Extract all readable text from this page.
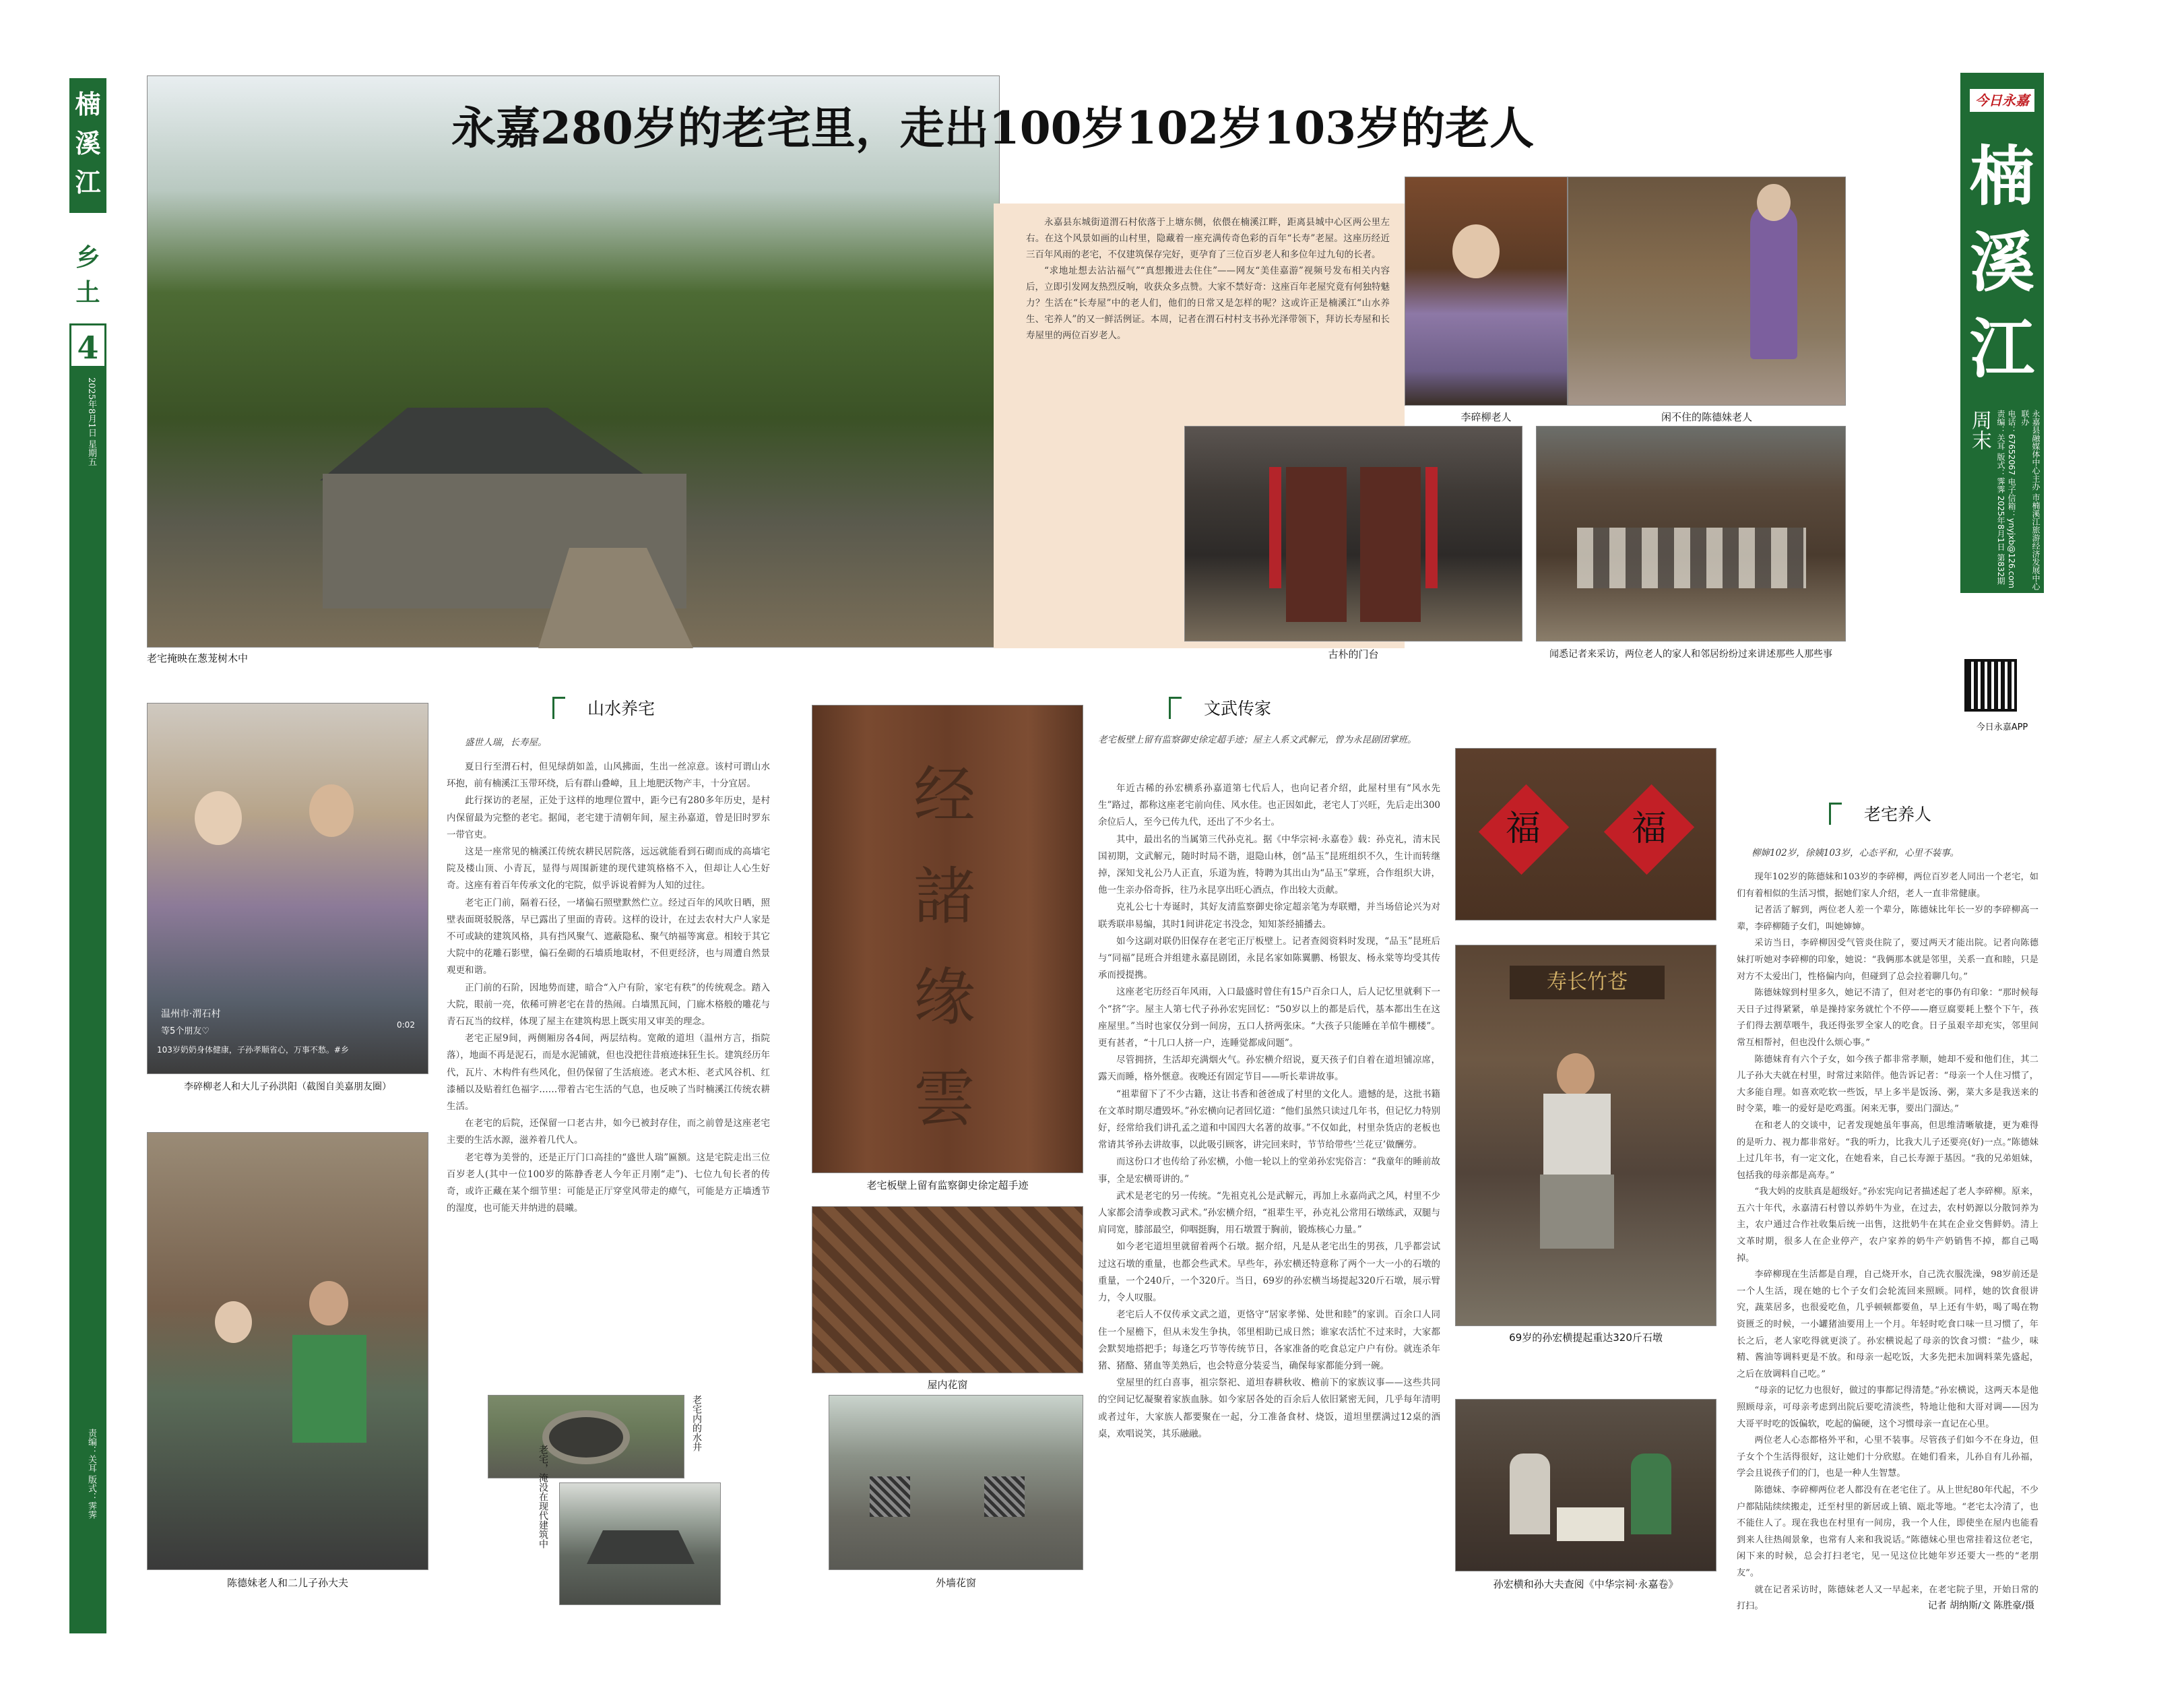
楠溪江
乡土
4
2025年8月1日 星期五
责编：关耳 版式：霁霁
今日永嘉
楠溪江
周末	电话：67652067 电子信箱：ynyjxb@126.com 责编：关耳 版式：霁霁 2025年8月1日 第832期	永嘉县融媒体中心主办 市楠溪江旅游经济发展中心 联办
今日永嘉APP
老宅掩映在葱茏树木中
永嘉280岁的老宅里，走出100岁102岁103岁的老人

永嘉县东城街道渭石村依落于上塘东侧，依偎在楠溪江畔，距离县城中心区两公里左右。在这个风景如画的山村里，隐藏着一座充满传奇色彩的百年“长寿”老屋。这座历经近三百年风雨的老宅，不仅建筑保存完好，更孕育了三位百岁老人和多位年过九旬的长者。

“求地址想去沾沾福气”“真想搬进去住住”——网友“美佳嘉游”视频号发布相关内容后，立即引发网友热烈反响，收获众多点赞。大家不禁好奇：这座百年老屋究竟有何独特魅力？生活在“长寿屋”中的老人们，他们的日常又是怎样的呢？这或许正是楠溪江“山水养生、宅养人”的又一鲜活例证。本周，记者在渭石村村支书孙光泽带领下，拜访长寿屋和长寿屋里的两位百岁老人。

李碎柳老人	闲不住的陈德妹老人
古朴的门台	闻悉记者来采访，两位老人的家人和邻居纷纷过来讲述那些人那些事
温州市·渭石村
等5个朋友♡
103岁奶奶身体健康，子孙孝顺省心，万事不愁。#乡
0:02
李碎柳老人和大儿子孙洪阳（截图自美嘉朋友圈）
陈德妹老人和二儿子孙大夫
山水养宅
盛世人瑞，长寿屋。

夏日行至渭石村，但见绿荫如盖，山风拂面，生出一丝凉意。该村可谓山水环抱，前有楠溪江玉带环绕，后有群山叠嶂，且上地肥沃物产丰，十分宜居。

此行探访的老屋，正处于这样的地理位置中，距今已有280多年历史，是村内保留最为完整的老宅。据闻，老宅建于清朝年间，屋主孙嘉道，曾是旧时罗东一带官吏。

这是一座常见的楠溪江传统农耕民居院落，远远就能看到石砌而成的高墙宅院及楼山顶、小青瓦，显得与周围新建的现代建筑格格不入，但却让人心生好奇。这座有着百年传承文化的宅院，似乎诉说着鲜为人知的过往。

老宅正门前，隔着石径，一堵偏石照壁默然伫立。经过百年的风吹日晒，照壁表面斑驳脱落，早已露出了里面的青砖。这样的设计，在过去农村大户人家是不可或缺的建筑风格，具有挡风聚气、遮蔽隐私、聚气纳福等寓意。相较于其它大院中的花雕石影壁，偏石垒砌的石墙质地取材，不但更经济，也与周遭自然景观更和谐。

正门前的石阶，因地势而建，暗合“入户有阶，家宅有秩”的传统观念。踏入大院，眼前一亮，依稀可辨老宅在昔的热闹。白墙黑瓦间，门廊木格般的雕花与青石瓦当的纹样，体现了屋主在建筑构思上既实用又审美的理念。

老宅正屋9间，两侧厢房各4间，两层结构。宽敞的道坦（温州方言，指院落），地面不再是泥石，而是水泥铺就，但也没把往昔痕迹抹狂生长。建筑经历年代，瓦片、木构件有些风化，但仍保留了生活痕迹。老式木柜、老式风谷机、红漆桶以及贴着红色福字……带着古宅生活的气息，也反映了当时楠溪江传统农耕生活。

在老宅的后院，还保留一口老古井，如今已被封存住，而之前曾是这座老宅主要的生活水源，滋养着几代人。

老宅尊为美誉的，还是正厅门口高挂的“盛世人瑞”匾额。这是宅院走出三位百岁老人(其中一位100岁的陈静香老人今年正月刚“走”)、七位九旬长者的传奇，或许正藏在某个细节里：可能是正厅穿堂风带走的瘴气，可能是方正墙透节的湿度，也可能天井纳进的晨曦。

老宅内的水井
老宅，淹没在现代建筑中
经
諸
缘
雲
老宅板壁上留有监察御史徐定超手迹
屋内花窗
外墙花窗
文武传家
老宅板壁上留有监察御史徐定超手迹；屋主人系文武解元，曾为永昆剧团掌班。

年近古稀的孙宏横系孙嘉道第七代后人，也向记者介绍，此屋村里有“风水先生”路过，都称这座老宅前向佳、风水佳。也正因如此，老宅人丁兴旺，先后走出300余位后人，至今已传九代，还出了不少名士。

其中，最出名的当属第三代孙克礼。据《中华宗祠·永嘉卷》载：孙克礼，清末民国初期，文武解元，随时时局不谐，退隐山林，创“品玉”昆班组织不久，生计而转继掉，深知戈礼公乃人正直，乐道为旌，特聘为其出山为“品玉”掌班，合作组织大讲，他一生亲办俗奇拆，往乃永昆享出旺心酒点，作出较大贡献。

克礼公七十寿诞时，其好友清监察御史徐定超亲笔为寿联赠，并当场倍论兴为对联秀联串易编，其时1间讲花定书没念，知知茶经捕播去。

如今这副对联仍旧保存在老宅正厅板壁上。记者查阅资料时发现，“品玉”昆班后与“同福”昆班合并组建永嘉昆剧团，永昆名家如陈翼鹏、杨银友、杨永棠等均受其传承而授提携。

这座老宅历经百年风雨，入口最盛时曾住有15户百余口人，后人记忆里就剩下一个“挤”字。屋主人第七代子孙孙宏宪回忆：“50岁以上的都是后代，基本都出生在这座屋里。”当时也家仅分到一间房，五口人挤两张床。“大孩子只能睡在羊倌牛棚楼”。更有甚者，“十几口人挤一户，连睡觉都成问题”。

尽管拥挤，生活却充满烟火气。孙宏横介绍说，夏天孩子们自着在道坦铺凉席，露天而睡，格外惬意。夜晚还有固定节目——听长辈讲故事。

“祖辈留下了不少古籍，这让书香和爸爸成了村里的文化人。遗憾的是，这批书籍在文革时期尽遭毁坏。”孙宏横向记者回忆道：“他们虽然只读过几年书，但记忆力特别好，经常给我们讲孔孟之道和中国四大名著的故事。”不仅如此，村里杂货店的老板也常请其爷孙去讲故事，以此吸引顾客，讲完回来时，节节给带些‘兰花豆’做酬劳。

而这份口才也传给了孙宏横，小他一轮以上的堂弟孙宏宪俗言：“我童年的睡前故事，全是宏横哥讲的。”

武术是老宅的另一传统。“先祖克礼公是武解元，再加上永嘉尚武之风，村里不少人家都会清拳或教习武术。”孙宏横介绍，“祖辈生平，孙克礼公常用石墩练武，双腿与肩同宽，膝部最空，仰咽挺胸，用石墩置于胸前，锻炼核心力量。”

如今老宅道坦里就留着两个石墩。据介绍，凡是从老宅出生的男孩，几乎都尝试过这石墩的重量，也都会些武术。早些年，孙宏横还特意称了两个一大一小的石墩的重量，一个240斤，一个320斤。当日，69岁的孙宏横当场提起320斤石墩，展示臂力，令人叹服。

老宅后人不仅传承文武之道，更恪守“居家孝悌、处世和睦”的家训。百余口人同住一个屋檐下，但从未发生争执，邻里相助已成日然；谁家农活忙不过来时，大家都会默契地搭把手；每逢乞巧节等传统节日，各家准备的吃食总定户户有份。就连杀年猪、猪酪、猪血等美熟后，也会特意分装妥当，确保每家都能分到一碗。

堂屋里的红白喜事，祖宗祭祀、道坦春耕秋收、檐前下的家族议事——这些共同的空间记忆凝聚着家族血脉。如今家居各处的百余后人依旧紧密无间，几乎每年清明或者过年，大家族人都要聚在一起，分工准备食材、烧饭，道坦里摆满过12桌的酒桌，欢唱说笑，其乐融融。

福	福
寿长竹苍
69岁的孙宏横提起重达320斤石墩
孙宏横和孙大夫查阅《中华宗祠·永嘉卷》
老宅养人
柳婶102岁，徐姨103岁，心态平和，心里不装事。

现年102岁的陈德妹和103岁的李碎柳，两位百岁老人同出一个老宅，如们有着相似的生活习惯，据她们家人介绍，老人一直非常健康。

记者活了解到，两位老人差一个辈分，陈德妹比年长一岁的李碎柳高一辈，李碎柳随子女们，叫她婶婶。

采访当日，李碎柳因受气管炎住院了，要过两天才能出院。记者向陈德妹打听她对李碎柳的印象，她说：“我俩那本就是邻里，关系一直和睦，只是对方不太爱出门，性格偏内向，但碰到了总会拉着聊几句。”

陈德妹嫁到村里多久，她记不清了，但对老宅的事仍有印象：“那时候每天日子过得紧紧，单是操持家务就忙个不停——磨豆腐要耗上整个下午，孩子们得去割草喂牛，我还得张罗全家人的吃食。日子虽艰辛却充实，邻里间常互相帮衬，但也没什么烦心事。”

陈德妹育有六个子女，如今孩子都非常孝顺，她却不爱和他们住，其二儿子孙大夫就在村里，时常过来陪伴。他告诉记者：“母亲一个人住习惯了，大多能自理。如喜欢吃软一些饭，早上多半是饭汤、粥，菜大多是我送来的时令菜，唯一的爱好是吃鸡蛋。闲来无事，要出门溜达。”

在和老人的交谈中，记者发现她虽年事高，但思维清晰敏捷，更为难得的是听力、视力都非常好。“我的听力，比我大儿子还要亮(好)一点。”陈德妹上过几年书，有一定文化，在她看来，自己长寿源于基因。“我的兄弟姐妹，包括我的母亲都是高寿。”

“我大妈的皮肤真是超级好。”孙宏宪向记者描述起了老人李碎柳。原来，五六十年代，永嘉清石村曾以养奶牛为业，在过去，农村奶源以分散饲养为主，农户通过合作社收集后统一出售，这批奶牛在其在企业交售鲜奶。清上文革时期，很多人在企业停产，农户家养的奶牛产奶销售不掉，都自己喝掉。

李碎柳现在生活都是自理，自己烧开水，自己洗衣服洗澡，98岁前还是一个人生活，现在她的七个子女们会轮流回来照顾。同样，她的饮食很讲究，蔬菜居多，也很爱吃鱼，几乎顿顿都要鱼，早上还有牛奶，喝了喝在物资匮乏的时候，一小罐猪油要用上一个月。年轻时吃食口味一旦习惯了，年长之后，老人家吃得就更淡了。孙宏横说起了母亲的饮食习惯：“盐少，味精、酱油等调料更是不放。和母亲一起吃饭，大多先把未加调料菜先盛起，之后在放调料自己吃。”

“母亲的记忆力也很好，做过的事都记得清楚。”孙宏横说，这两天本是他照顾母亲，可母亲考虑到出院后要吃清淡些，特地让他和大哥对调——因为大哥平时吃的饭偏软，吃起的偏硬，这个习惯母亲一直记在心里。

两位老人心态都格外平和，心里不装事。尽管孩子们如今不在身边，但子女个个生活得很好，这让她们十分欣慰。在她们看来，儿孙自有儿孙福，学会且说孩子们的门，也是一种人生智慧。

陈德妹、李碎柳两位老人都没有在老宅住了。从上世纪80年代起，不少户都陆陆续续搬走，迁至村里的新居或上镇、瓯北等地。“老宅太冷清了，也不能住人了。现在我也在村里有一间房，我一个人住，即使坐在屋内也能看到来人往热闹景象，也常有人来和我说话。”陈德妹心里也常挂着这位老宅，闲下来的时候，总会打扫老宅，见一见这位比她年岁还要大一些的“老朋友”。

就在记者采访时，陈德妹老人又一早起来，在老宅院子里，开始日常的打扫。	记者 胡纳斯/文 陈胜豪/摄
